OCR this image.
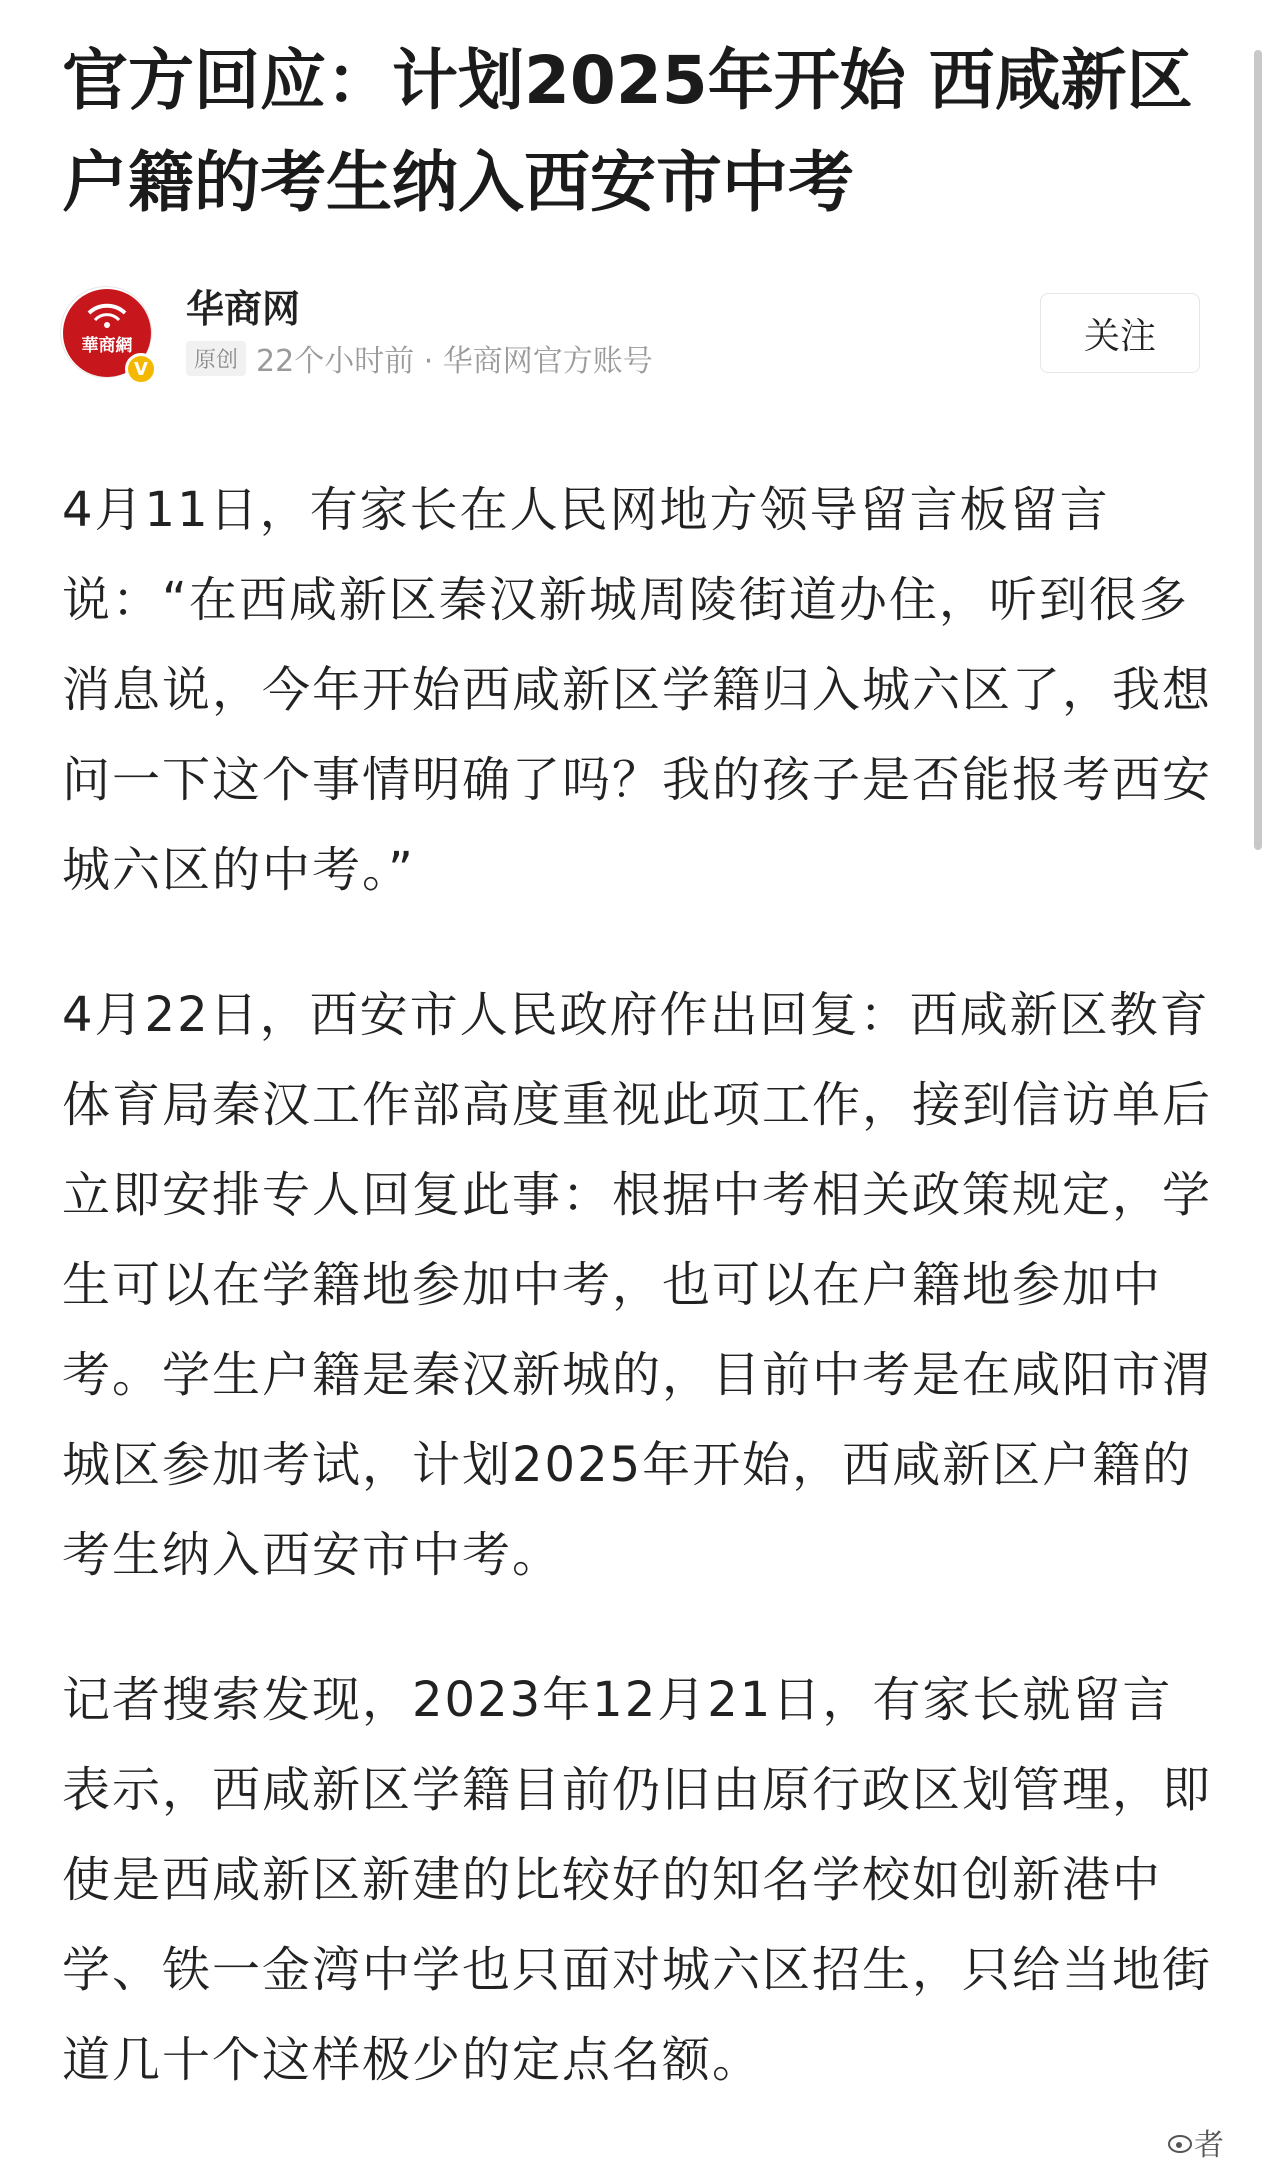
官方回应：计划2025年开始 西咸新区户籍的考生纳入西安市中考
華商網
V
华商网
原创 22个小时前 · 华商网官方账号
关注

4月11日，有家长在人民网地方领导留言板留言说：“在西咸新区秦汉新城周陵街道办住，听到很多消息说，今年开始西咸新区学籍归入城六区了，我想问一下这个事情明确了吗？我的孩子是否能报考西安城六区的中考。”

4月22日，西安市人民政府作出回复：西咸新区教育体育局秦汉工作部高度重视此项工作，接到信访单后立即安排专人回复此事：根据中考相关政策规定，学生可以在学籍地参加中考，也可以在户籍地参加中考。学生户籍是秦汉新城的，目前中考是在咸阳市渭城区参加考试，计划2025年开始，西咸新区户籍的考生纳入西安市中考。

记者搜索发现，2023年12月21日，有家长就留言表示，西咸新区学籍目前仍旧由原行政区划管理，即使是西咸新区新建的比较好的知名学校如创新港中学、铁一金湾中学也只面对城六区招生，只给当地街道几十个这样极少的定点名额。

者
